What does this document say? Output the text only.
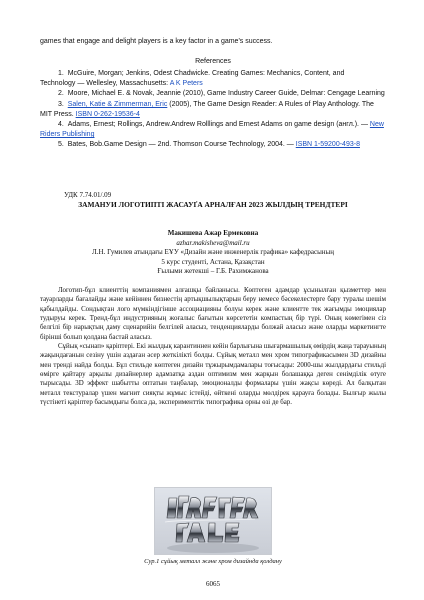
games that engage and delight players is a key factor in a game's success.
References
1.  McGuire, Morgan; Jenkins, Odest Chadwicke. Creating Games: Mechanics, Content, and Technology — Wellesley, Massachusetts: A K Peters
2.  Moore, Michael E. & Novak, Jeannie (2010), Game Industry Career Guide, Delmar: Cengage Learning
3.  Salen, Katie & Zimmerman, Eric (2005), The Game Design Reader: A Rules of Play Anthology. The MIT Press. ISBN 0-262-19536-4
4.  Adams, Ernest; Rollings, Andrew.Andrew Rolllings and Ernest Adams on game design (англ.). — New Riders Publishing
5.  Bates, Bob.Game Design — 2nd. Thomson Course Technology, 2004. — ISBN 1-59200-493-8
УДК 7.74.01/.09
ЗАМАНУИ ЛОГОТИПТІ ЖАСАУҐА АРНАЛҒАН 2023 ЖЫЛДЫҢ ТРЕНДТЕРІ
Макишева Ажар Ермековна
azhar.makisheva@mail.ru
Л.Н. Гумилев атындағы ЕҰУ «Дизайн және инженерлік графика» кафедрасының
5 курс студенті, Астана, Қазақстан
Ғылыми жетекші – Г.Б. Рахимжанова

Логотип-бұл клиенттің компаниямен алғашқы байланысы. Көптеген адамдар ұсынылған қызметтер мен тауарларды бағалайды және кейіннен бизнестің артықшылықтарын беру немесе бәсекелестерге бару туралы шешім қабылдайды. Сондықтан лого мүмкіндігінше ассоциацияны болуы керек және клиентте тек жағымды эмоциялар тудыруы керек. Тренд-бұл индустрияның жоғалыс бағытын көрсететін компастың бір түрі. Оның көмегімен сіз белгілі бір нарықтың даму сценарийін белгілей аласыз, тенденцияларды болжай аласыз және оларды маркетингте бірінші болып қолдана бастай аласыз.

Сұйық «сынап» қаріптері. Екі жылдық карантиннен кейін барлығына шығармашылық өмірдің жаңа тарауының жақындағанын сезіну үшін аздаған әсер жеткілікті болды. Сұйық металл мен хром типографикасымен 3D дизайны мен тренді найда болды. Бұл стильде көптеген дизайн тұжырымдамалары тоғысады: 2000-шы жылдардағы стильді өмірге қайтару арқылы дизайнерлер адамзатқа аздан оптимизм мен жарқын болашаққа деген сенімділік өтуге тырысады. 3D эффект шабытты оптатын таңбалар, эмоционалды формалары үшін жақсы көреді. Ал балқытан металл текстуралар үшен магнит сияқты жұмыс істейді, өйткені оларды мөлдірек қарауға болады. Былғыр жылы түстінеті қаріптер басымдығы болса да, эксперименттік типографика орны өзі де бар.

Сур.1 сұйық металл және хром дизайнда қолдану
6065
